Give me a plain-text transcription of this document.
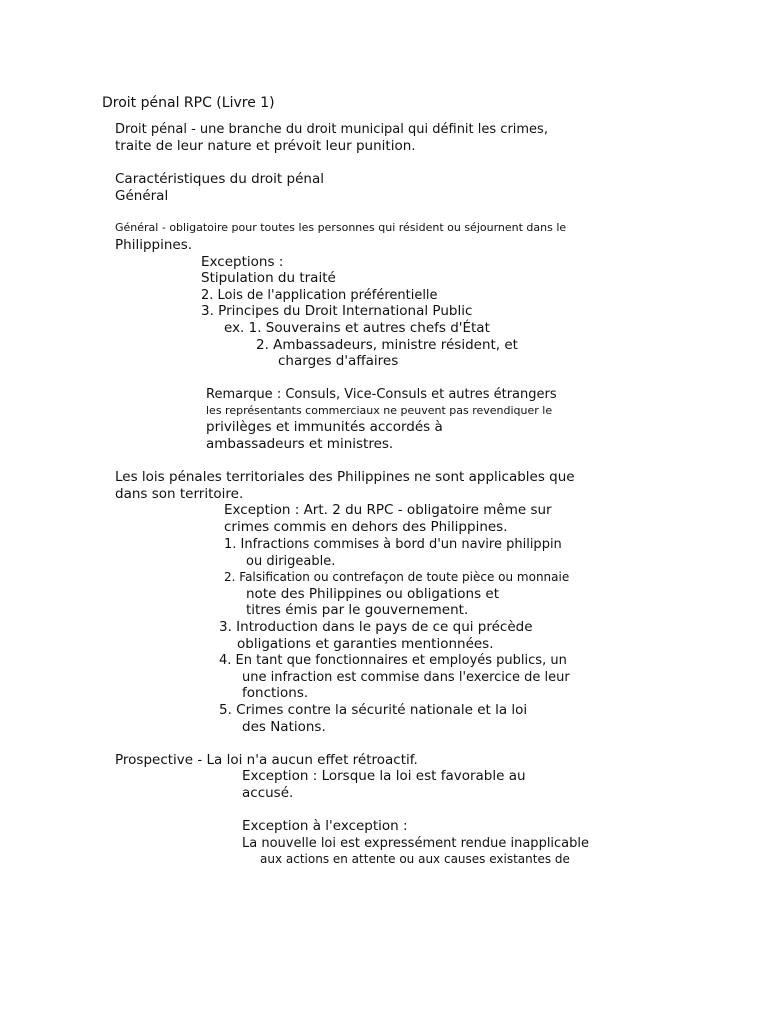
Droit pénal RPC (Livre 1)
Droit pénal - une branche du droit municipal qui définit les crimes,
traite de leur nature et prévoit leur punition.
Caractéristiques du droit pénal
Général
Général - obligatoire pour toutes les personnes qui résident ou séjournent dans le
Philippines.
Exceptions :
Stipulation du traité
2. Lois de l'application préférentielle
3. Principes du Droit International Public
ex. 1. Souverains et autres chefs d'État
2. Ambassadeurs, ministre résident, et
charges d'affaires
Remarque : Consuls, Vice-Consuls et autres étrangers
les représentants commerciaux ne peuvent pas revendiquer le
privilèges et immunités accordés à
ambassadeurs et ministres.
Les lois pénales territoriales des Philippines ne sont applicables que
dans son territoire.
Exception : Art. 2 du RPC - obligatoire même sur
crimes commis en dehors des Philippines.
1. Infractions commises à bord d'un navire philippin
ou dirigeable.
2. Falsification ou contrefaçon de toute pièce ou monnaie
note des Philippines ou obligations et
titres émis par le gouvernement.
3. Introduction dans le pays de ce qui précède
obligations et garanties mentionnées.
4. En tant que fonctionnaires et employés publics, un
une infraction est commise dans l'exercice de leur
fonctions.
5. Crimes contre la sécurité nationale et la loi
des Nations.
Prospective - La loi n'a aucun effet rétroactif.
Exception : Lorsque la loi est favorable au
accusé.
Exception à l'exception :
La nouvelle loi est expressément rendue inapplicable
aux actions en attente ou aux causes existantes de
